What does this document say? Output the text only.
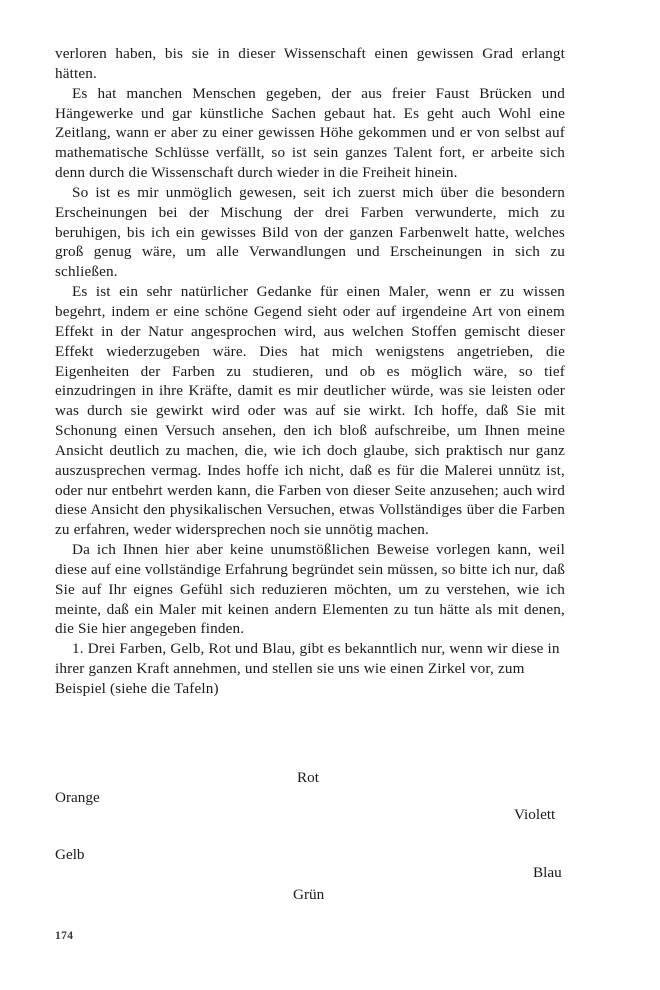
verloren haben, bis sie in dieser Wissenschaft einen gewissen Grad erlangt hätten.

Es hat manchen Menschen gegeben, der aus freier Faust Brücken und Hängewerke und gar künstliche Sachen gebaut hat. Es geht auch Wohl eine Zeitlang, wann er aber zu einer gewissen Höhe gekommen und er von selbst auf mathematische Schlüsse verfällt, so ist sein ganzes Talent fort, er arbeite sich denn durch die Wissenschaft durch wieder in die Freiheit hinein.

So ist es mir unmöglich gewesen, seit ich zuerst mich über die besondern Erscheinungen bei der Mischung der drei Farben verwunderte, mich zu beruhigen, bis ich ein gewisses Bild von der ganzen Farbenwelt hatte, welches groß genug wäre, um alle Verwandlungen und Erscheinungen in sich zu schließen.

Es ist ein sehr natürlicher Gedanke für einen Maler, wenn er zu wissen begehrt, indem er eine schöne Gegend sieht oder auf irgendeine Art von einem Effekt in der Natur angesprochen wird, aus welchen Stoffen gemischt dieser Effekt wiederzugeben wäre. Dies hat mich wenigstens angetrieben, die Eigenheiten der Farben zu studieren, und ob es möglich wäre, so tief einzudringen in ihre Kräfte, damit es mir deutlicher würde, was sie leisten oder was durch sie gewirkt wird oder was auf sie wirkt. Ich hoffe, daß Sie mit Schonung einen Versuch ansehen, den ich bloß aufschreibe, um Ihnen meine Ansicht deutlich zu machen, die, wie ich doch glaube, sich praktisch nur ganz auszusprechen vermag. Indes hoffe ich nicht, daß es für die Malerei unnütz ist, oder nur entbehrt werden kann, die Farben von dieser Seite anzusehen; auch wird diese Ansicht den physikalischen Versuchen, etwas Vollständiges über die Farben zu erfahren, weder widersprechen noch sie unnötig machen.

Da ich Ihnen hier aber keine unumstößlichen Beweise vorlegen kann, weil diese auf eine vollständige Erfahrung begründet sein müssen, so bitte ich nur, daß Sie auf Ihr eignes Gefühl sich reduzieren möchten, um zu verstehen, wie ich meinte, daß ein Maler mit keinen andern Elementen zu tun hätte als mit denen, die Sie hier angegeben finden.

1. Drei Farben, Gelb, Rot und Blau, gibt es bekanntlich nur, wenn wir diese in ihrer ganzen Kraft annehmen, und stellen sie uns wie einen Zirkel vor, zum Beispiel (siehe die Tafeln)

Rot
Orange
Violett
Gelb
Blau
Grün
174
